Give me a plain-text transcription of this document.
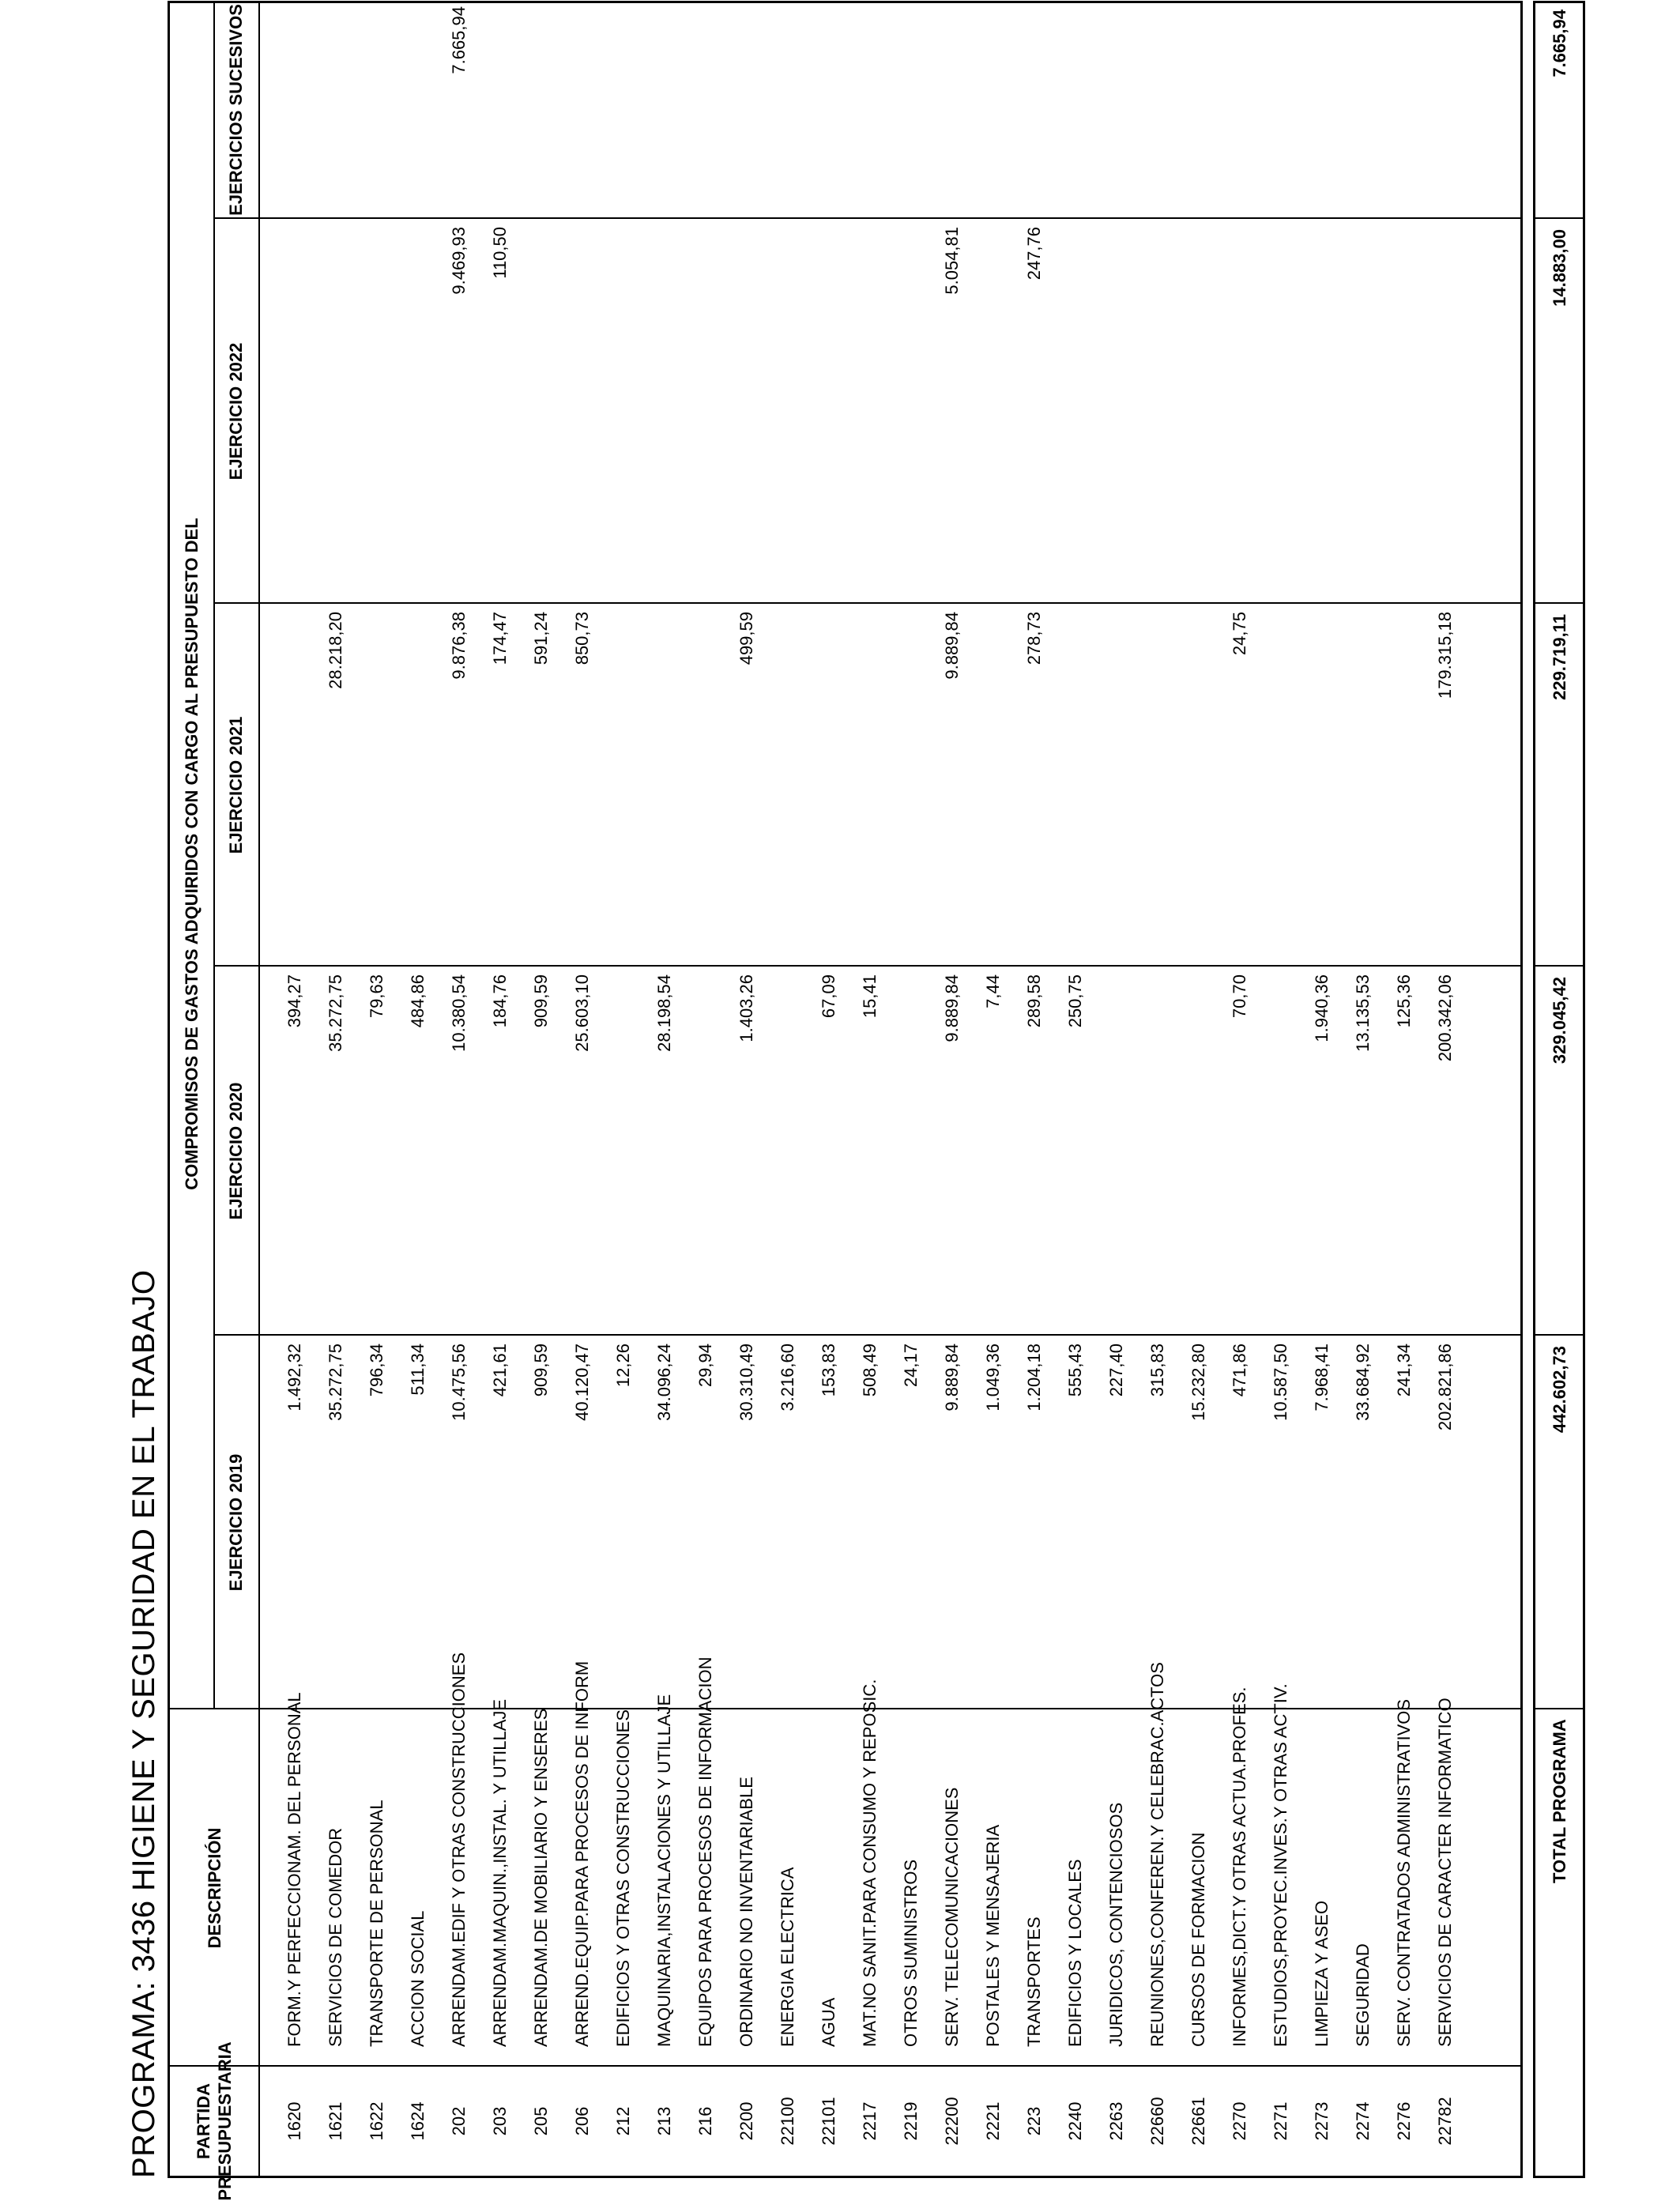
PROGRAMA: 3436 HIGIENE Y SEGURIDAD EN EL TRABAJO PARTIDA PRESUPUESTARIA
DESCRIPCIÓN
COMPROMISOS DE GASTOS ADQUIRIDOS CON CARGO AL PRESUPUESTO DEL
EJERCICIO 2019
EJERCICIO 2020
EJERCICIO 2021
EJERCICIO 2022
EJERCICIOS SUCESIVOS
1620
FORM.Y PERFECCIONAM. DEL PERSONAL
1.492,32
394,27
1621
SERVICIOS DE COMEDOR
35.272,75
35.272,75
28.218,20
1622
TRANSPORTE DE PERSONAL
796,34
79,63
1624
ACCION SOCIAL
511,34
484,86
202
ARRENDAM.EDIF Y OTRAS CONSTRUCCIONES
10.475,56
10.380,54
9.876,38
9.469,93
7.665,94
203
ARRENDAM.MAQUIN.,INSTAL. Y UTILLAJE
421,61
184,76
174,47
110,50
205
ARRENDAM.DE MOBILIARIO Y ENSERES
909,59
909,59
591,24
206
ARREND.EQUIP.PARA PROCESOS DE INFORM
40.120,47
25.603,10
850,73
212
EDIFICIOS Y OTRAS CONSTRUCCIONES
12,26
213
MAQUINARIA,INSTALACIONES Y UTILLAJE
34.096,24
28.198,54
216
EQUIPOS PARA PROCESOS DE INFORMACION
29,94
2200
ORDINARIO NO INVENTARIABLE
30.310,49
1.403,26
499,59
22100
ENERGIA ELECTRICA
3.216,60
22101
AGUA
153,83
67,09
2217
MAT.NO SANIT.PARA CONSUMO Y REPOSIC.
508,49
15,41
2219
OTROS SUMINISTROS
24,17
22200
SERV. TELECOMUNICACIONES
9.889,84
9.889,84
9.889,84
5.054,81
2221
POSTALES Y MENSAJERIA
1.049,36
7,44
223
TRANSPORTES
1.204,18
289,58
278,73
247,76
2240
EDIFICIOS Y LOCALES
555,43
250,75
2263
JURIDICOS, CONTENCIOSOS
227,40
22660
REUNIONES,CONFEREN.Y CELEBRAC.ACTOS
315,83
22661
CURSOS DE FORMACION
15.232,80
2270
INFORMES,DICT.Y OTRAS ACTUA.PROFES.
471,86
70,70
24,75
2271
ESTUDIOS,PROYEC.INVES.Y OTRAS ACTIV.
10.587,50
2273
LIMPIEZA Y ASEO
7.968,41
1.940,36
2274
SEGURIDAD
33.684,92
13.135,53
2276
SERV. CONTRATADOS ADMINISTRATIVOS
241,34
125,36
22782
SERVICIOS DE CARACTER INFORMATICO
202.821,86
200.342,06
179.315,18
TOTAL PROGRAMA
442.602,73
329.045,42
229.719,11
14.883,00
7.665,94
